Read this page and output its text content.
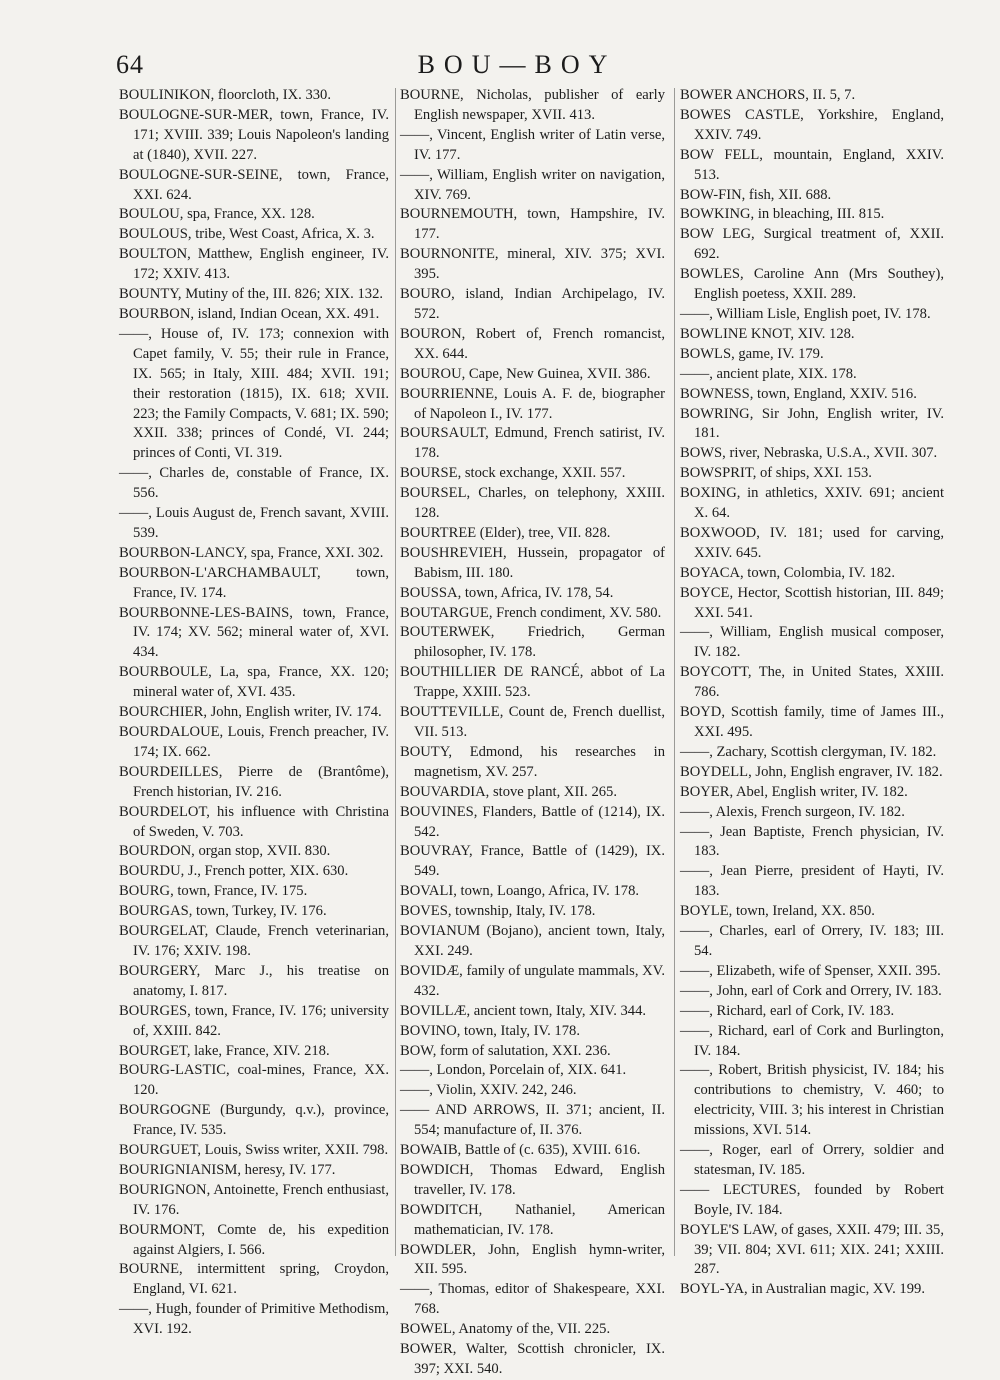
64	BOU—BOY

BOULINIKON, floorcloth, IX. 330.

BOULOGNE-SUR-MER, town, France, IV. 171; XVIII. 339; Louis Napoleon's landing at (1840), XVII. 227.

BOULOGNE-SUR-SEINE, town, France, XXI. 624.

BOULOU, spa, France, XX. 128.

BOULOUS, tribe, West Coast, Africa, X. 3.

BOULTON, Matthew, English engineer, IV. 172; XXIV. 413.

BOUNTY, Mutiny of the, III. 826; XIX. 132.

BOURBON, island, Indian Ocean, XX. 491.

——, House of, IV. 173; connexion with Capet family, V. 55; their rule in France, IX. 565; in Italy, XIII. 484; XVII. 191; their restoration (1815), IX. 618; XVII. 223; the Family Compacts, V. 681; IX. 590; XXII. 338; princes of Condé, VI. 244; princes of Conti, VI. 319.

——, Charles de, constable of France, IX. 556.

——, Louis August de, French savant, XVIII. 539.

BOURBON-LANCY, spa, France, XXI. 302.

BOURBON-L'ARCHAMBAULT, town, France, IV. 174.

BOURBONNE-LES-BAINS, town, France, IV. 174; XV. 562; mineral water of, XVI. 434.

BOURBOULE, La, spa, France, XX. 120; mineral water of, XVI. 435.

BOURCHIER, John, English writer, IV. 174.

BOURDALOUE, Louis, French preacher, IV. 174; IX. 662.

BOURDEILLES, Pierre de (Brantôme), French historian, IV. 216.

BOURDELOT, his influence with Christina of Sweden, V. 703.

BOURDON, organ stop, XVII. 830.

BOURDU, J., French potter, XIX. 630.

BOURG, town, France, IV. 175.

BOURGAS, town, Turkey, IV. 176.

BOURGELAT, Claude, French veterinarian, IV. 176; XXIV. 198.

BOURGERY, Marc J., his treatise on anatomy, I. 817.

BOURGES, town, France, IV. 176; university of, XXIII. 842.

BOURGET, lake, France, XIV. 218.

BOURG-LASTIC, coal-mines, France, XX. 120.

BOURGOGNE (Burgundy, q.v.), province, France, IV. 535.

BOURGUET, Louis, Swiss writer, XXII. 798.

BOURIGNIANISM, heresy, IV. 177.

BOURIGNON, Antoinette, French enthusiast, IV. 176.

BOURMONT, Comte de, his expedition against Algiers, I. 566.

BOURNE, intermittent spring, Croydon, England, VI. 621.

——, Hugh, founder of Primitive Methodism, XVI. 192.

BOURNE, Nicholas, publisher of early English newspaper, XVII. 413.

——, Vincent, English writer of Latin verse, IV. 177.

——, William, English writer on navigation, XIV. 769.

BOURNEMOUTH, town, Hampshire, IV. 177.

BOURNONITE, mineral, XIV. 375; XVI. 395.

BOURO, island, Indian Archipelago, IV. 572.

BOURON, Robert of, French romancist, XX. 644.

BOUROU, Cape, New Guinea, XVII. 386.

BOURRIENNE, Louis A. F. de, biographer of Napoleon I., IV. 177.

BOURSAULT, Edmund, French satirist, IV. 178.

BOURSE, stock exchange, XXII. 557.

BOURSEL, Charles, on telephony, XXIII. 128.

BOURTREE (Elder), tree, VII. 828.

BOUSHREVIEH, Hussein, propagator of Babism, III. 180.

BOUSSA, town, Africa, IV. 178, 54.

BOUTARGUE, French condiment, XV. 580.

BOUTERWEK, Friedrich, German philosopher, IV. 178.

BOUTHILLIER DE RANCÉ, abbot of La Trappe, XXIII. 523.

BOUTTEVILLE, Count de, French duellist, VII. 513.

BOUTY, Edmond, his researches in magnetism, XV. 257.

BOUVARDIA, stove plant, XII. 265.

BOUVINES, Flanders, Battle of (1214), IX. 542.

BOUVRAY, France, Battle of (1429), IX. 549.

BOVALI, town, Loango, Africa, IV. 178.

BOVES, township, Italy, IV. 178.

BOVIANUM (Bojano), ancient town, Italy, XXI. 249.

BOVIDÆ, family of ungulate mammals, XV. 432.

BOVILLÆ, ancient town, Italy, XIV. 344.

BOVINO, town, Italy, IV. 178.

BOW, form of salutation, XXI. 236.

——, London, Porcelain of, XIX. 641.

——, Violin, XXIV. 242, 246.

—— AND ARROWS, II. 371; ancient, II. 554; manufacture of, II. 376.

BOWAIB, Battle of (c. 635), XVIII. 616.

BOWDICH, Thomas Edward, English traveller, IV. 178.

BOWDITCH, Nathaniel, American mathematician, IV. 178.

BOWDLER, John, English hymn-writer, XII. 595.

——, Thomas, editor of Shakespeare, XXI. 768.

BOWEL, Anatomy of the, VII. 225.

BOWER, Walter, Scottish chronicler, IX. 397; XXI. 540.

BOWER ANCHORS, II. 5, 7.

BOWES CASTLE, Yorkshire, England, XXIV. 749.

BOW FELL, mountain, England, XXIV. 513.

BOW-FIN, fish, XII. 688.

BOWKING, in bleaching, III. 815.

BOW LEG, Surgical treatment of, XXII. 692.

BOWLES, Caroline Ann (Mrs Southey), English poetess, XXII. 289.

——, William Lisle, English poet, IV. 178.

BOWLINE KNOT, XIV. 128.

BOWLS, game, IV. 179.

——, ancient plate, XIX. 178.

BOWNESS, town, England, XXIV. 516.

BOWRING, Sir John, English writer, IV. 181.

BOWS, river, Nebraska, U.S.A., XVII. 307.

BOWSPRIT, of ships, XXI. 153.

BOXING, in athletics, XXIV. 691; ancient X. 64.

BOXWOOD, IV. 181; used for carving, XXIV. 645.

BOYACA, town, Colombia, IV. 182.

BOYCE, Hector, Scottish historian, III. 849; XXI. 541.

——, William, English musical composer, IV. 182.

BOYCOTT, The, in United States, XXIII. 786.

BOYD, Scottish family, time of James III., XXI. 495.

——, Zachary, Scottish clergyman, IV. 182.

BOYDELL, John, English engraver, IV. 182.

BOYER, Abel, English writer, IV. 182.

——, Alexis, French surgeon, IV. 182.

——, Jean Baptiste, French physician, IV. 183.

——, Jean Pierre, president of Hayti, IV. 183.

BOYLE, town, Ireland, XX. 850.

——, Charles, earl of Orrery, IV. 183; III. 54.

——, Elizabeth, wife of Spenser, XXII. 395.

——, John, earl of Cork and Orrery, IV. 183.

——, Richard, earl of Cork, IV. 183.

——, Richard, earl of Cork and Burlington, IV. 184.

——, Robert, British physicist, IV. 184; his contributions to chemistry, V. 460; to electricity, VIII. 3; his interest in Christian missions, XVI. 514.

——, Roger, earl of Orrery, soldier and statesman, IV. 185.

—— LECTURES, founded by Robert Boyle, IV. 184.

BOYLE'S LAW, of gases, XXII. 479; III. 35, 39; VII. 804; XVI. 611; XIX. 241; XXIII. 287.

BOYL-YA, in Australian magic, XV. 199.
